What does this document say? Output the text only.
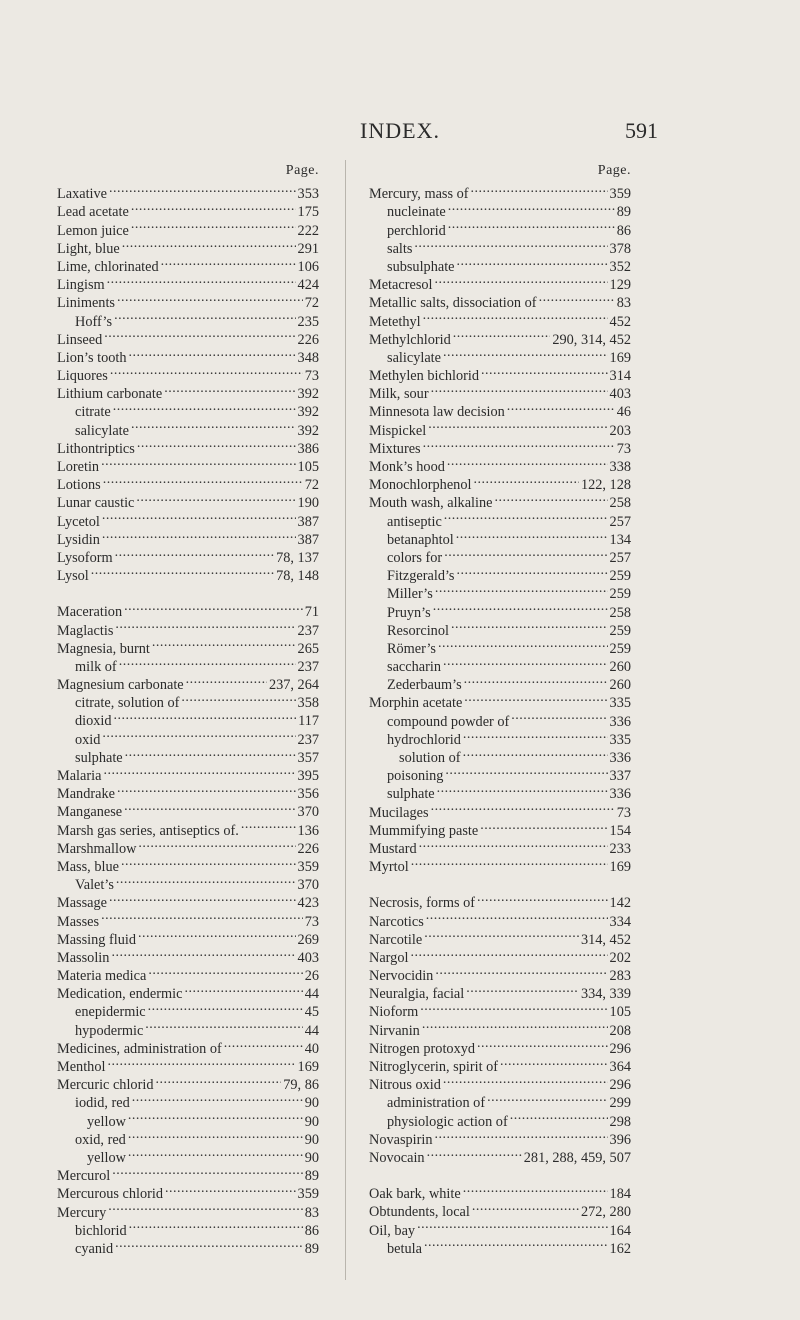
INDEX.	591
Page.
Laxative . . .	353
Lead acetate . . .	175
Lemon juice . . .	222
Light, blue . . .	291
Lime, chlorinated . . .	106
Lingism . . .	424
Liniments . . .	72
Hoff’s . . .	235
Linseed . . .	226
Lion’s tooth . . .	348
Liquores . . .	73
Lithium carbonate . . .	392
citrate . . .	392
salicylate . . .	392
Lithontriptics . . .	386
Loretin . . .	105
Lotions . . .	72
Lunar caustic . . .	190
Lycetol . . .	387
Lysidin . . .	387
Lysoform . . .	78, 137
Lysol . . .	78, 148
Maceration . . .	71
Maglactis . . .	237
Magnesia, burnt . . .	265
milk of . . .	237
Magnesium carbonate . . .	237, 264
citrate, solution of . . .	358
dioxid . . .	117
oxid . . .	237
sulphate . . .	357
Malaria . . .	395
Mandrake . . .	356
Manganese . . .	370
Marsh gas series, antiseptics of. . . .	136
Marshmallow . . .	226
Mass, blue . . .	359
Valet’s . . .	370
Massage . . .	423
Masses . . .	73
Massing fluid . . .	269
Massolin . . .	403
Materia medica . . .	26
Medication, endermic . . .	44
enepidermic . . .	45
hypodermic . . .	44
Medicines, administration of . . .	40
Menthol . . .	169
Mercuric chlorid . . .	79, 86
iodid, red . . .	90
yellow . . .	90
oxid, red . . .	90
yellow . . .	90
Mercurol . . .	89
Mercurous chlorid . . .	359
Mercury . . .	83
bichlorid . . .	86
cyanid . . .	89
Page.
Mercury, mass of . . .	359
nucleinate . . .	89
perchlorid . . .	86
salts . . .	378
subsulphate . . .	352
Metacresol . . .	129
Metallic salts, dissociation of . . .	83
Metethyl . . .	452
Methylchlorid . . .	290, 314, 452
salicylate . . .	169
Methylen bichlorid . . .	314
Milk, sour . . .	403
Minnesota law decision . . .	46
Mispickel . . .	203
Mixtures . . .	73
Monk’s hood . . .	338
Monochlorphenol . . .	122, 128
Mouth wash, alkaline . . .	258
antiseptic . . .	257
betanaphtol . . .	134
colors for . . .	257
Fitzgerald’s . . .	259
Miller’s . . .	259
Pruyn’s . . .	258
Resorcinol . . .	259
Römer’s . . .	259
saccharin . . .	260
Zederbaum’s . . .	260
Morphin acetate . . .	335
compound powder of . . .	336
hydrochlorid . . .	335
solution of . . .	336
poisoning . . .	337
sulphate . . .	336
Mucilages . . .	73
Mummifying paste . . .	154
Mustard . . .	233
Myrtol . . .	169
Necrosis, forms of . . .	142
Narcotics . . .	334
Narcotile . . .	314, 452
Nargol . . .	202
Nervocidin . . .	283
Neuralgia, facial . . .	334, 339
Nioform . . .	105
Nirvanin . . .	208
Nitrogen protoxyd . . .	296
Nitroglycerin, spirit of . . .	364
Nitrous oxid . . .	296
administration of . . .	299
physiologic action of . . .	298
Novaspirin . . .	396
Novocain . . .	281, 288, 459, 507
Oak bark, white . . .	184
Obtundents, local . . .	272, 280
Oil, bay . . .	164
betula . . .	162
